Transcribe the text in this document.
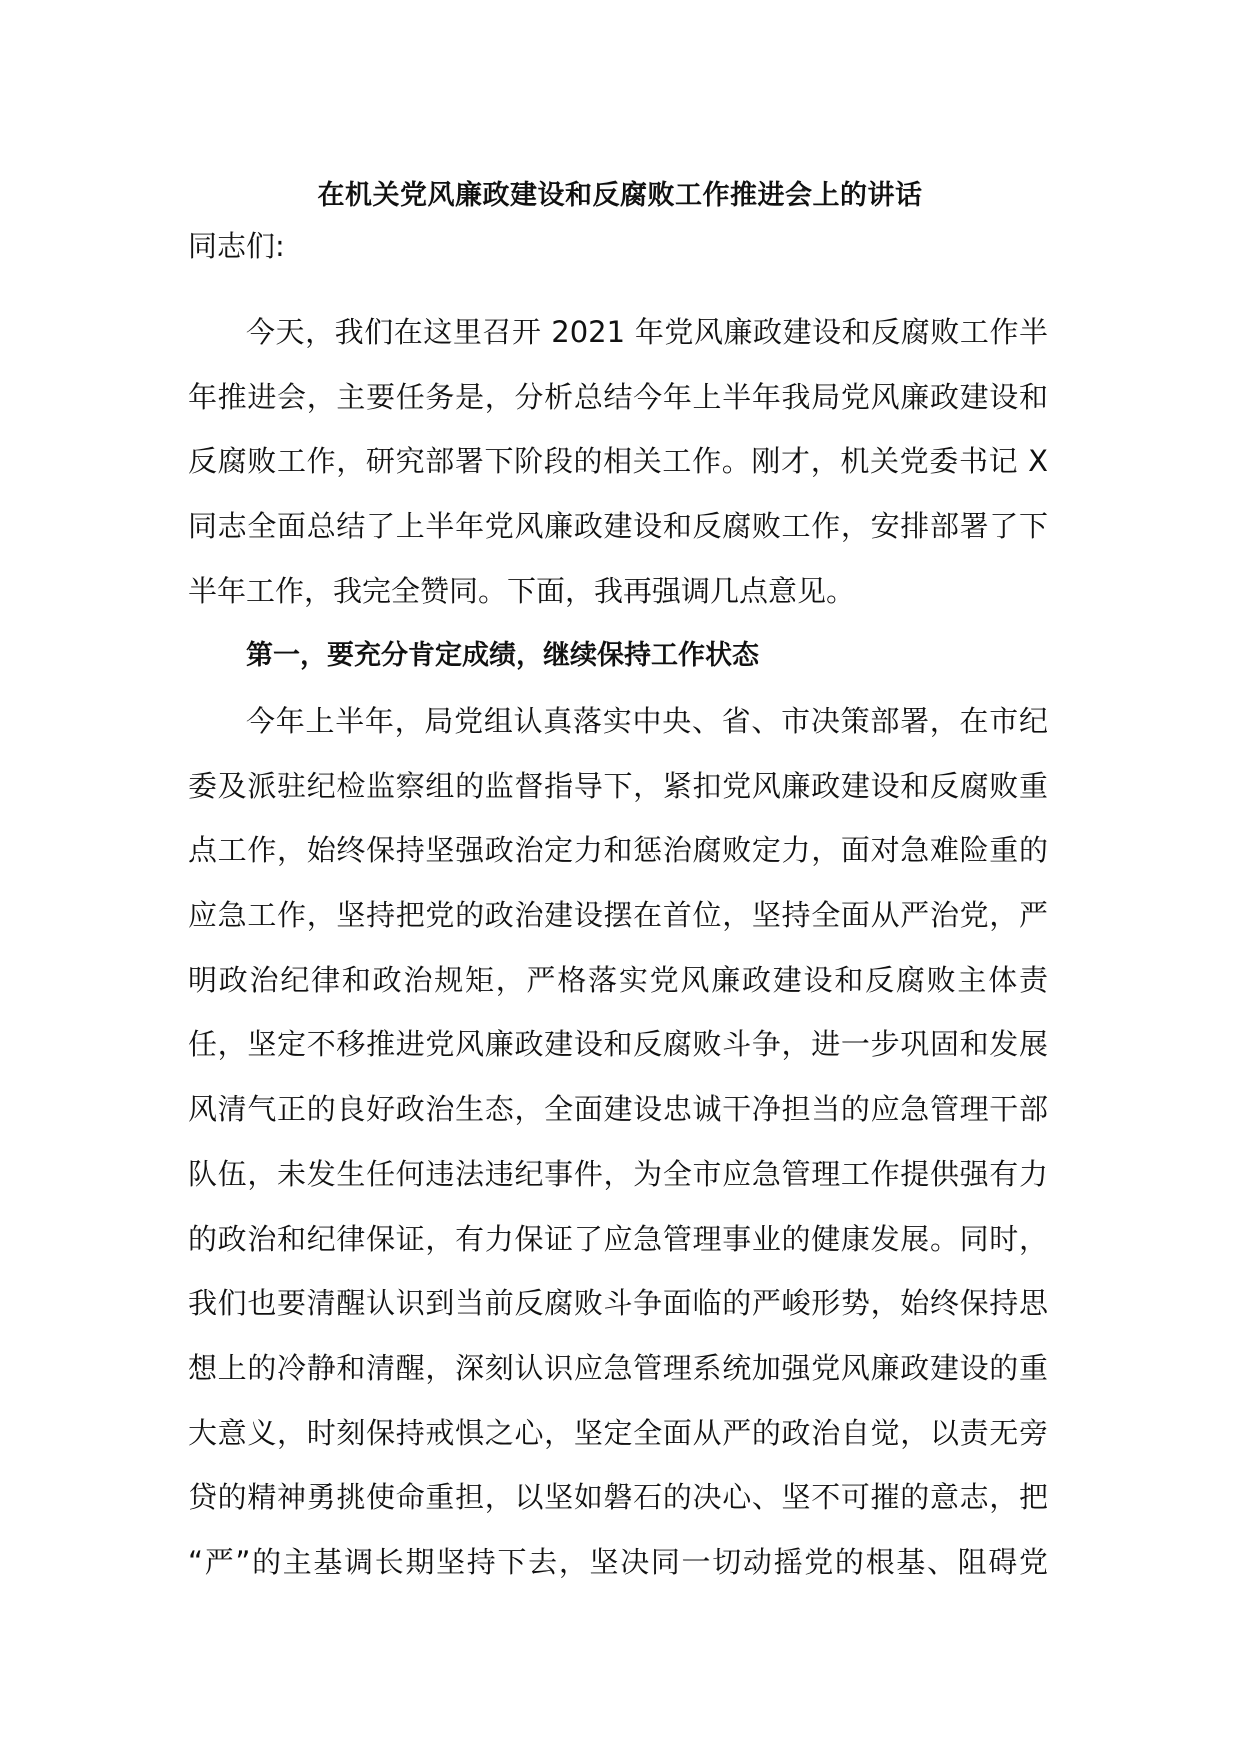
在机关党风廉政建设和反腐败工作推进会上的讲话
同志们:
今天，我们在这里召开 2021 年党风廉政建设和反腐败工作半
年推进会，主要任务是，分析总结今年上半年我局党风廉政建设和
反腐败工作，研究部署下阶段的相关工作。刚才，机关党委书记 X
同志全面总结了上半年党风廉政建设和反腐败工作，安排部署了下
半年工作，我完全赞同。下面，我再强调几点意见。
第一，要充分肯定成绩，继续保持工作状态
今年上半年，局党组认真落实中央、省、市决策部署，在市纪
委及派驻纪检监察组的监督指导下，紧扣党风廉政建设和反腐败重
点工作，始终保持坚强政治定力和惩治腐败定力，面对急难险重的
应急工作，坚持把党的政治建设摆在首位，坚持全面从严治党，严
明政治纪律和政治规矩，严格落实党风廉政建设和反腐败主体责
任，坚定不移推进党风廉政建设和反腐败斗争，进一步巩固和发展
风清气正的良好政治生态，全面建设忠诚干净担当的应急管理干部
队伍，未发生任何违法违纪事件，为全市应急管理工作提供强有力
的政治和纪律保证，有力保证了应急管理事业的健康发展。同时，
我们也要清醒认识到当前反腐败斗争面临的严峻形势，始终保持思
想上的冷静和清醒，深刻认识应急管理系统加强党风廉政建设的重
大意义，时刻保持戒惧之心，坚定全面从严的政治自觉，以责无旁
贷的精神勇挑使命重担，以坚如磐石的决心、坚不可摧的意志，把
“严”的主基调长期坚持下去，坚决同一切动摇党的根基、阻碍党
